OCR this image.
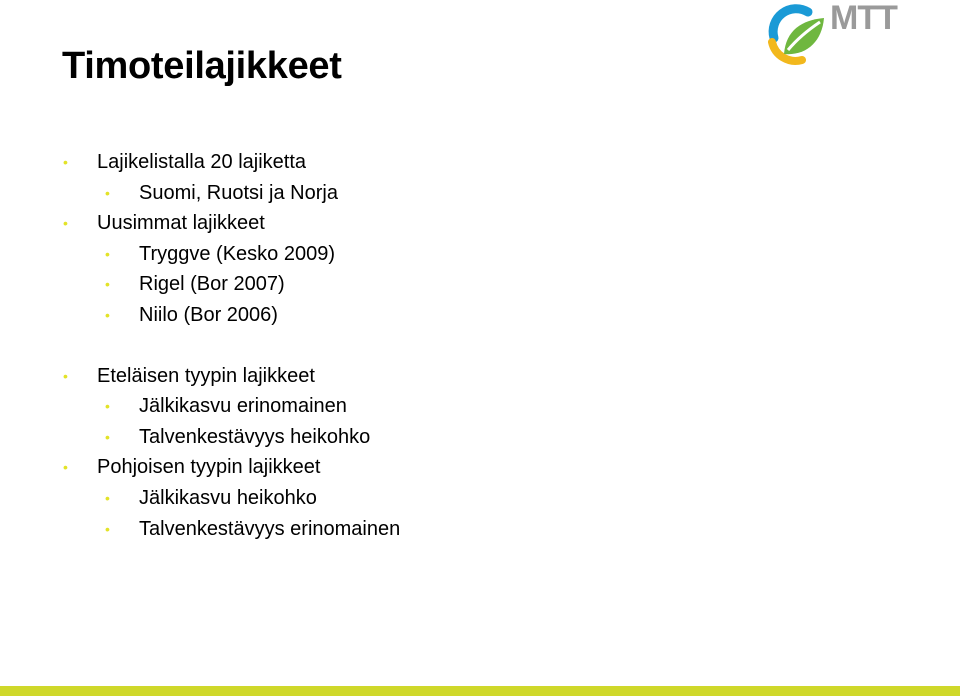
Timoteilajikkeet
• Lajikelistalla 20 lajiketta
• Suomi, Ruotsi ja Norja
• Uusimmat lajikkeet
• Tryggve (Kesko 2009)
• Rigel (Bor 2007)
• Niilo (Bor 2006)
• Eteläisen tyypin lajikkeet
• Jälkikasvu erinomainen
• Talvenkestävyys heikohko
• Pohjoisen tyypin lajikkeet
• Jälkikasvu heikohko
• Talvenkestävyys erinomainen
MTT
